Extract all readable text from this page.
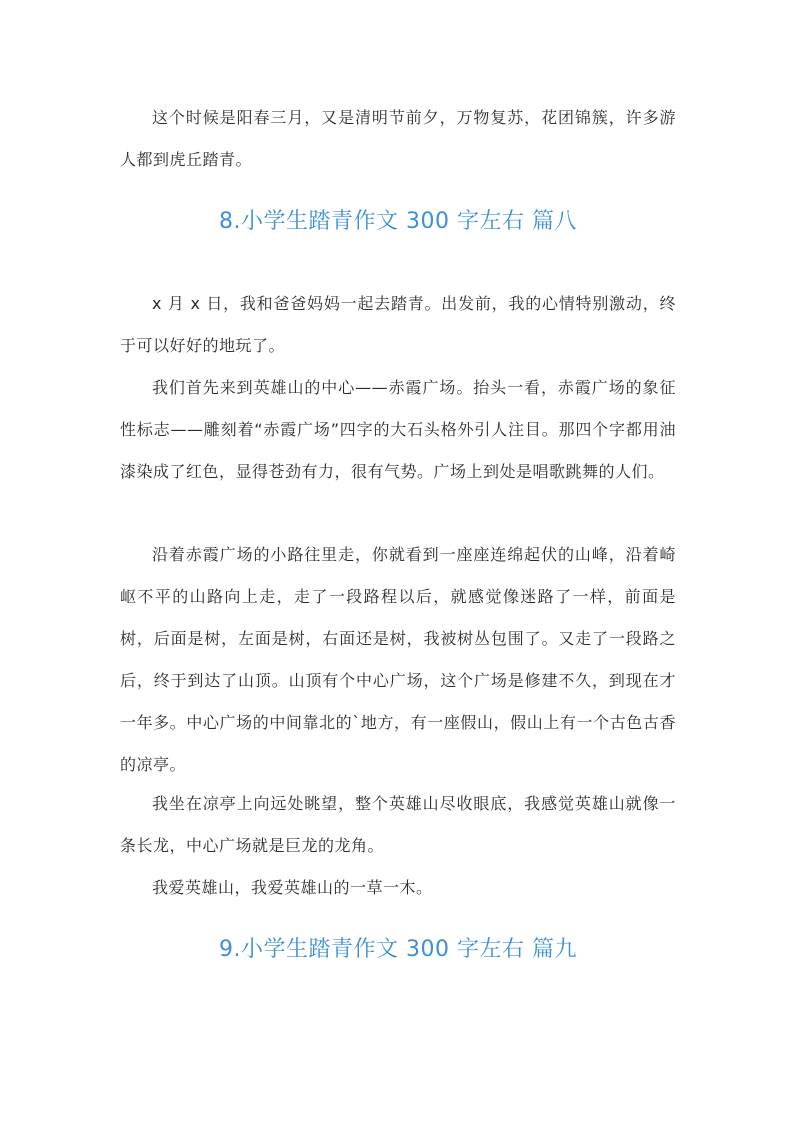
这个时候是阳春三月，又是清明节前夕，万物复苏，花团锦簇，许多游人都到虎丘踏青。

8.小学生踏青作文 300 字左右 篇八

x 月 x 日，我和爸爸妈妈一起去踏青。出发前，我的心情特别激动，终于可以好好的地玩了。

我们首先来到英雄山的中心——赤霞广场。抬头一看，赤霞广场的象征性标志——雕刻着“赤霞广场”四字的大石头格外引人注目。那四个字都用油漆染成了红色，显得苍劲有力，很有气势。广场上到处是唱歌跳舞的人们。

沿着赤霞广场的小路往里走，你就看到一座座连绵起伏的山峰，沿着崎岖不平的山路向上走，走了一段路程以后，就感觉像迷路了一样，前面是树，后面是树，左面是树，右面还是树，我被树丛包围了。又走了一段路之后，终于到达了山顶。山顶有个中心广场，这个广场是修建不久，到现在才一年多。中心广场的中间靠北的`地方，有一座假山，假山上有一个古色古香的凉亭。

我坐在凉亭上向远处眺望，整个英雄山尽收眼底，我感觉英雄山就像一条长龙，中心广场就是巨龙的龙角。

我爱英雄山，我爱英雄山的一草一木。

9.小学生踏青作文 300 字左右 篇九
